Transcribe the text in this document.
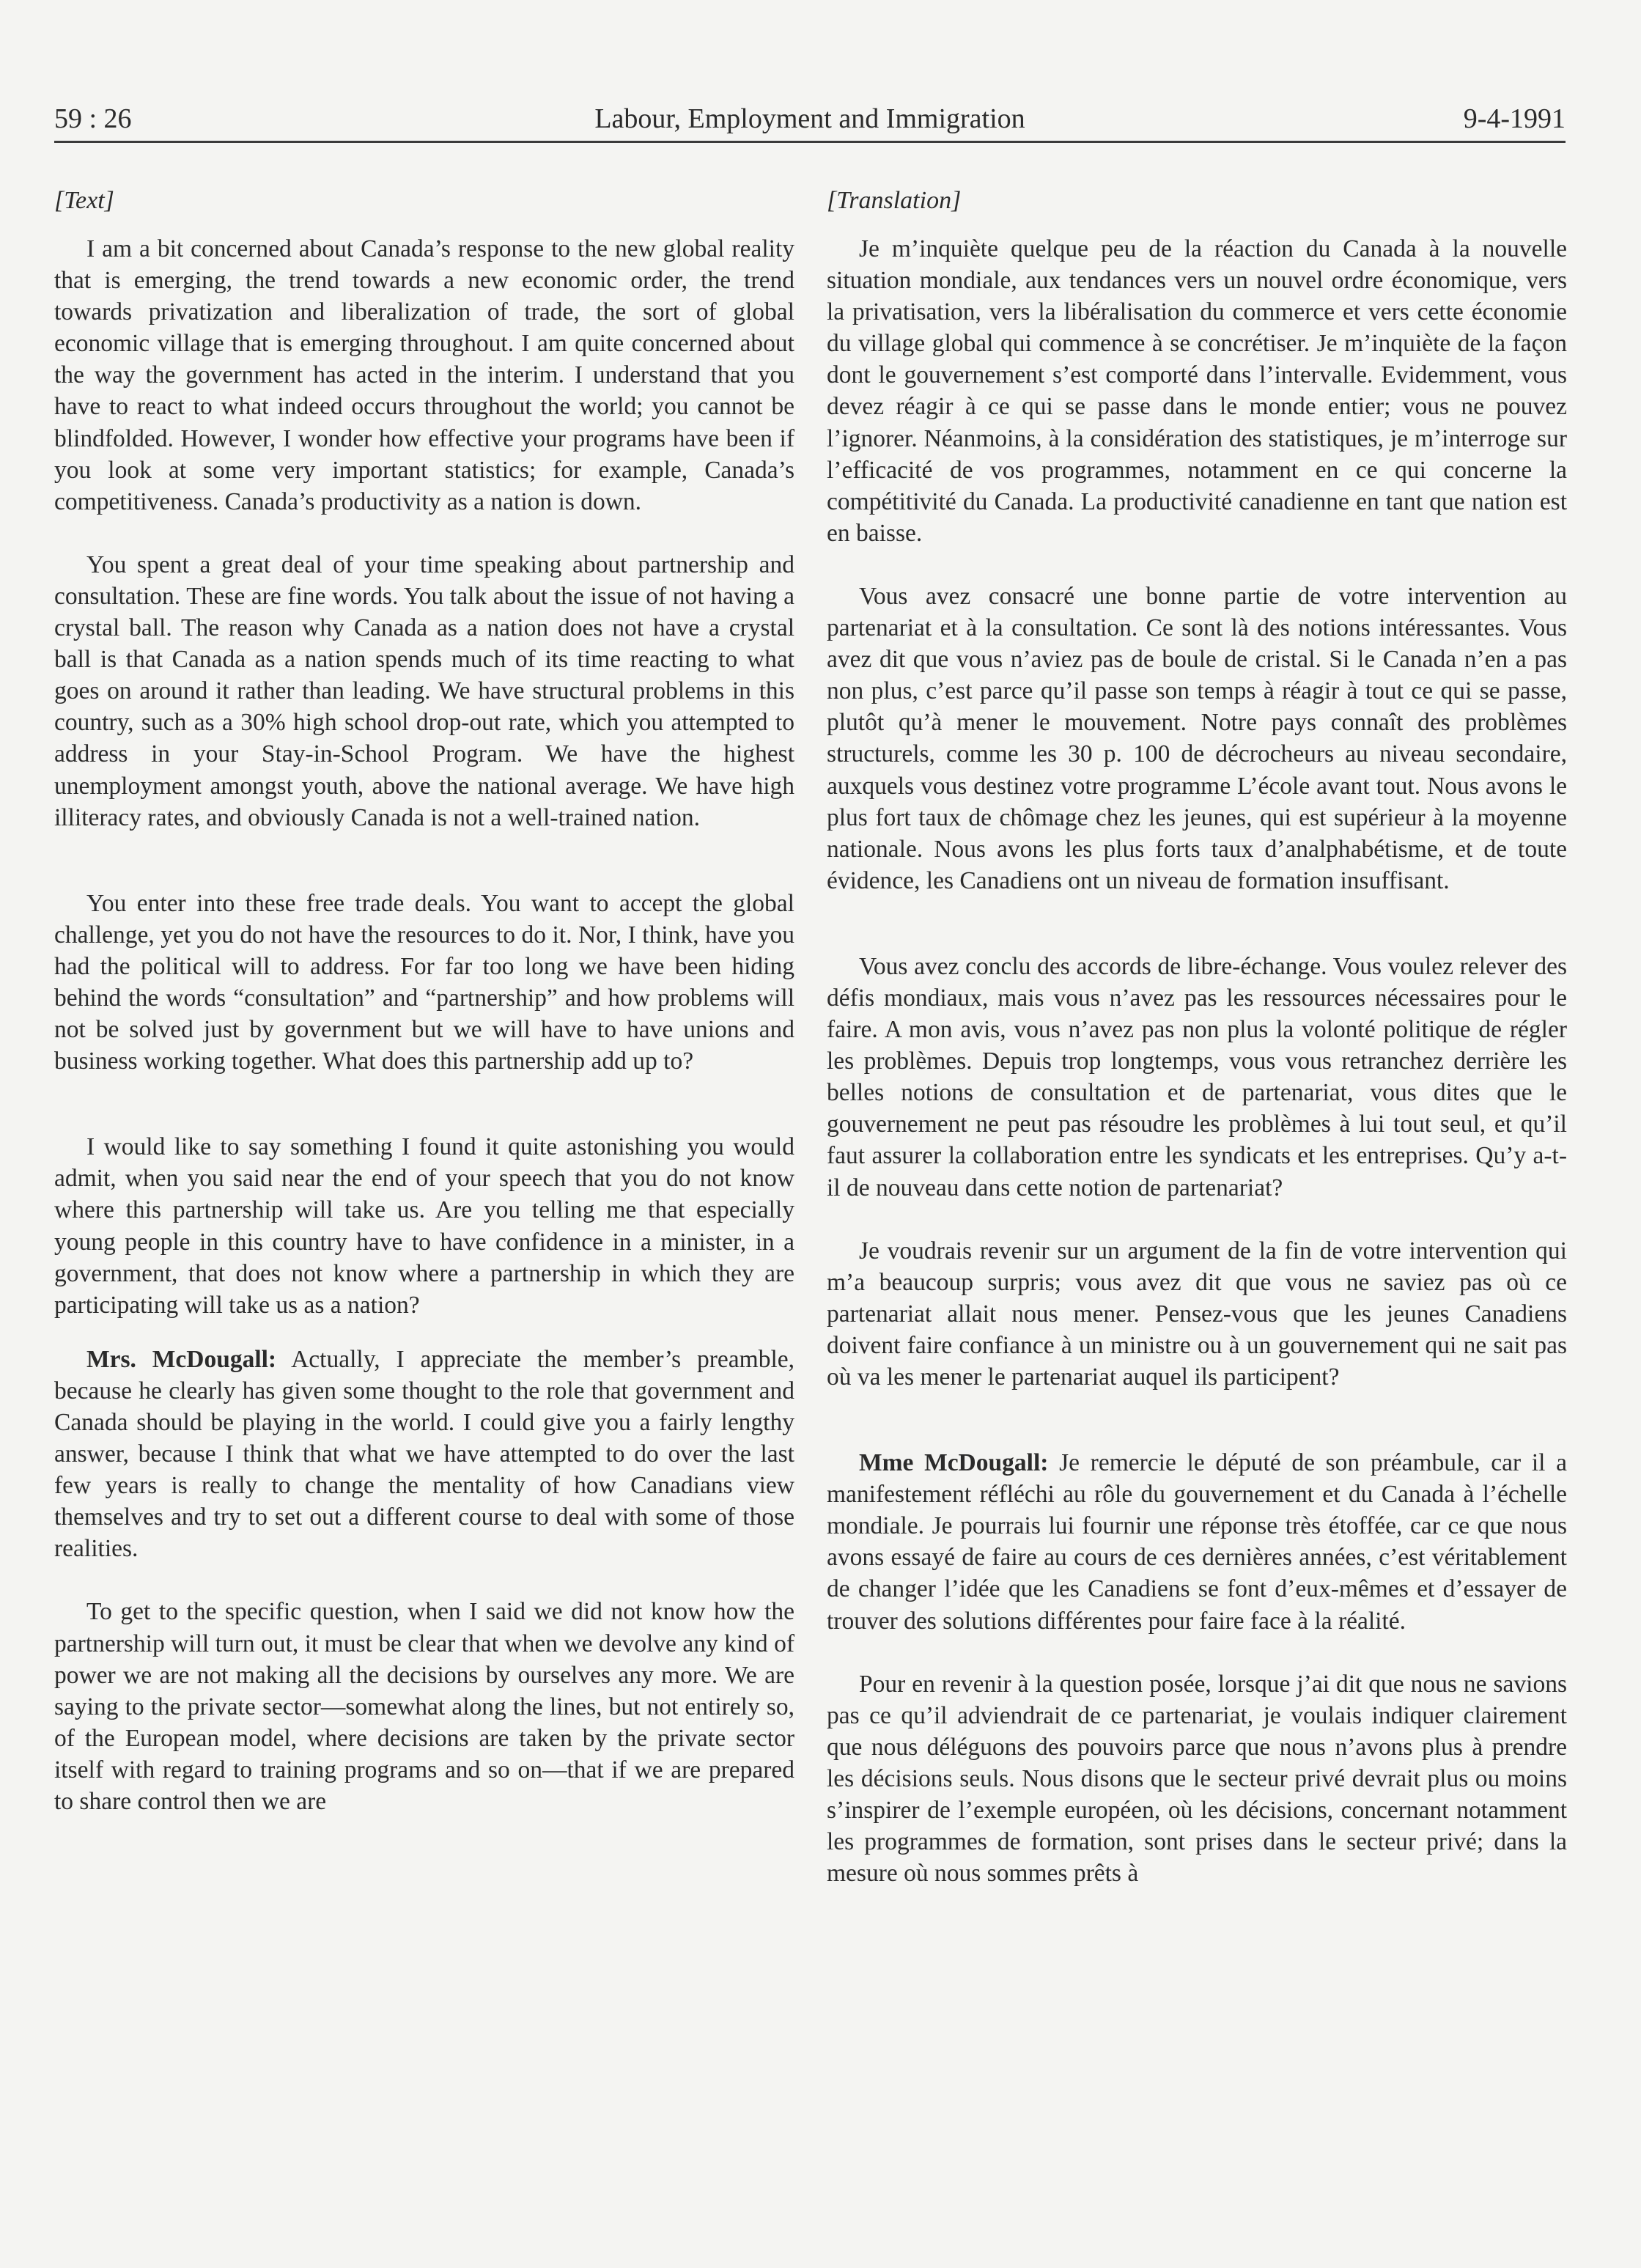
59 : 26	Labour, Employment and Immigration	9-4-1991
[Text]

I am a bit concerned about Canada’s response to the new global reality that is emerging, the trend towards a new economic order, the trend towards privatization and liberalization of trade, the sort of global economic village that is emerging throughout. I am quite concerned about the way the government has acted in the interim. I understand that you have to react to what indeed occurs throughout the world; you cannot be blindfolded. However, I wonder how effective your programs have been if you look at some very important statistics; for example, Canada’s competitiveness. Canada’s productivity as a nation is down.

You spent a great deal of your time speaking about partnership and consultation. These are fine words. You talk about the issue of not having a crystal ball. The reason why Canada as a nation does not have a crystal ball is that Canada as a nation spends much of its time reacting to what goes on around it rather than leading. We have structural problems in this country, such as a 30% high school drop-out rate, which you attempted to address in your Stay-in-School Program. We have the highest unemployment amongst youth, above the national average. We have high illiteracy rates, and obviously Canada is not a well-trained nation.

You enter into these free trade deals. You want to accept the global challenge, yet you do not have the resources to do it. Nor, I think, have you had the political will to address. For far too long we have been hiding behind the words “consultation” and “partnership” and how problems will not be solved just by government but we will have to have unions and business working together. What does this partnership add up to?

I would like to say something I found it quite astonishing you would admit, when you said near the end of your speech that you do not know where this partnership will take us. Are you telling me that especially young people in this country have to have confidence in a minister, in a government, that does not know where a partnership in which they are participating will take us as a nation?

Mrs. McDougall: Actually, I appreciate the member’s preamble, because he clearly has given some thought to the role that government and Canada should be playing in the world. I could give you a fairly lengthy answer, because I think that what we have attempted to do over the last few years is really to change the mentality of how Canadians view themselves and try to set out a different course to deal with some of those realities.

To get to the specific question, when I said we did not know how the partnership will turn out, it must be clear that when we devolve any kind of power we are not making all the decisions by ourselves any more. We are saying to the private sector—somewhat along the lines, but not entirely so, of the European model, where decisions are taken by the private sector itself with regard to training programs and so on—that if we are prepared to share control then we are

[Translation]

Je m’inquiète quelque peu de la réaction du Canada à la nouvelle situation mondiale, aux tendances vers un nouvel ordre économique, vers la privatisation, vers la libéralisation du commerce et vers cette économie du village global qui commence à se concrétiser. Je m’inquiète de la façon dont le gouvernement s’est comporté dans l’intervalle. Evidemment, vous devez réagir à ce qui se passe dans le monde entier; vous ne pouvez l’ignorer. Néanmoins, à la considération des statistiques, je m’interroge sur l’efficacité de vos programmes, notamment en ce qui concerne la compétitivité du Canada. La productivité canadienne en tant que nation est en baisse.

Vous avez consacré une bonne partie de votre intervention au partenariat et à la consultation. Ce sont là des notions intéressantes. Vous avez dit que vous n’aviez pas de boule de cristal. Si le Canada n’en a pas non plus, c’est parce qu’il passe son temps à réagir à tout ce qui se passe, plutôt qu’à mener le mouvement. Notre pays connaît des problèmes structurels, comme les 30 p. 100 de décrocheurs au niveau secondaire, auxquels vous destinez votre programme L’école avant tout. Nous avons le plus fort taux de chômage chez les jeunes, qui est supérieur à la moyenne nationale. Nous avons les plus forts taux d’analphabétisme, et de toute évidence, les Canadiens ont un niveau de formation insuffisant.

Vous avez conclu des accords de libre-échange. Vous voulez relever des défis mondiaux, mais vous n’avez pas les ressources nécessaires pour le faire. A mon avis, vous n’avez pas non plus la volonté politique de régler les problèmes. Depuis trop longtemps, vous vous retranchez derrière les belles notions de consultation et de partenariat, vous dites que le gouvernement ne peut pas résoudre les problèmes à lui tout seul, et qu’il faut assurer la collaboration entre les syndicats et les entreprises. Qu’y a-t-il de nouveau dans cette notion de partenariat?

Je voudrais revenir sur un argument de la fin de votre intervention qui m’a beaucoup surpris; vous avez dit que vous ne saviez pas où ce partenariat allait nous mener. Pensez-vous que les jeunes Canadiens doivent faire confiance à un ministre ou à un gouvernement qui ne sait pas où va les mener le partenariat auquel ils participent?

Mme McDougall: Je remercie le député de son préambule, car il a manifestement réfléchi au rôle du gouvernement et du Canada à l’échelle mondiale. Je pourrais lui fournir une réponse très étoffée, car ce que nous avons essayé de faire au cours de ces dernières années, c’est véritablement de changer l’idée que les Canadiens se font d’eux-mêmes et d’essayer de trouver des solutions différentes pour faire face à la réalité.

Pour en revenir à la question posée, lorsque j’ai dit que nous ne savions pas ce qu’il adviendrait de ce partenariat, je voulais indiquer clairement que nous déléguons des pouvoirs parce que nous n’avons plus à prendre les décisions seuls. Nous disons que le secteur privé devrait plus ou moins s’inspirer de l’exemple européen, où les décisions, concernant notamment les programmes de formation, sont prises dans le secteur privé; dans la mesure où nous sommes prêts à
